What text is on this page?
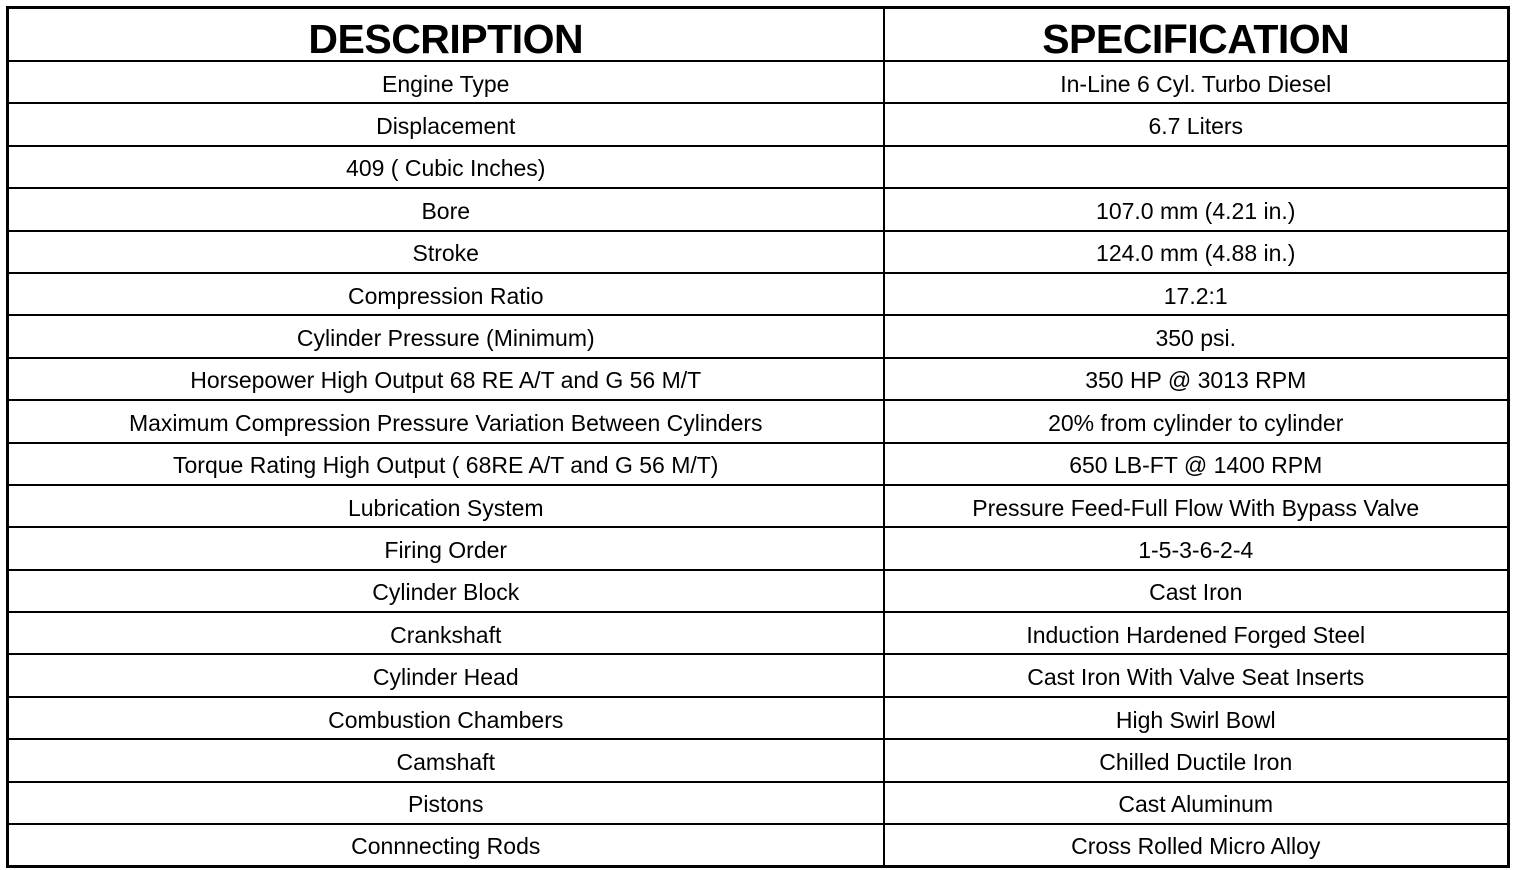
DESCRIPTION	SPECIFICATION
Engine Type	In-Line 6 Cyl. Turbo Diesel
Displacement	6.7 Liters
409 ( Cubic Inches)	
Bore	107.0 mm (4.21 in.)
Stroke	124.0 mm (4.88 in.)
Compression Ratio	17.2:1
Cylinder Pressure (Minimum)	350 psi.
Horsepower High Output 68 RE A/T and G 56 M/T	350 HP @ 3013 RPM
Maximum Compression Pressure Variation Between Cylinders	20% from cylinder to cylinder
Torque Rating High Output ( 68RE A/T and G 56 M/T)	650 LB-FT @ 1400 RPM
Lubrication System	Pressure Feed-Full Flow With Bypass Valve
Firing Order	1-5-3-6-2-4
Cylinder Block	Cast Iron
Crankshaft	Induction Hardened Forged Steel
Cylinder Head	Cast Iron With Valve Seat Inserts
Combustion Chambers	High Swirl Bowl
Camshaft	Chilled Ductile Iron
Pistons	Cast Aluminum
Connnecting Rods	Cross Rolled Micro Alloy
